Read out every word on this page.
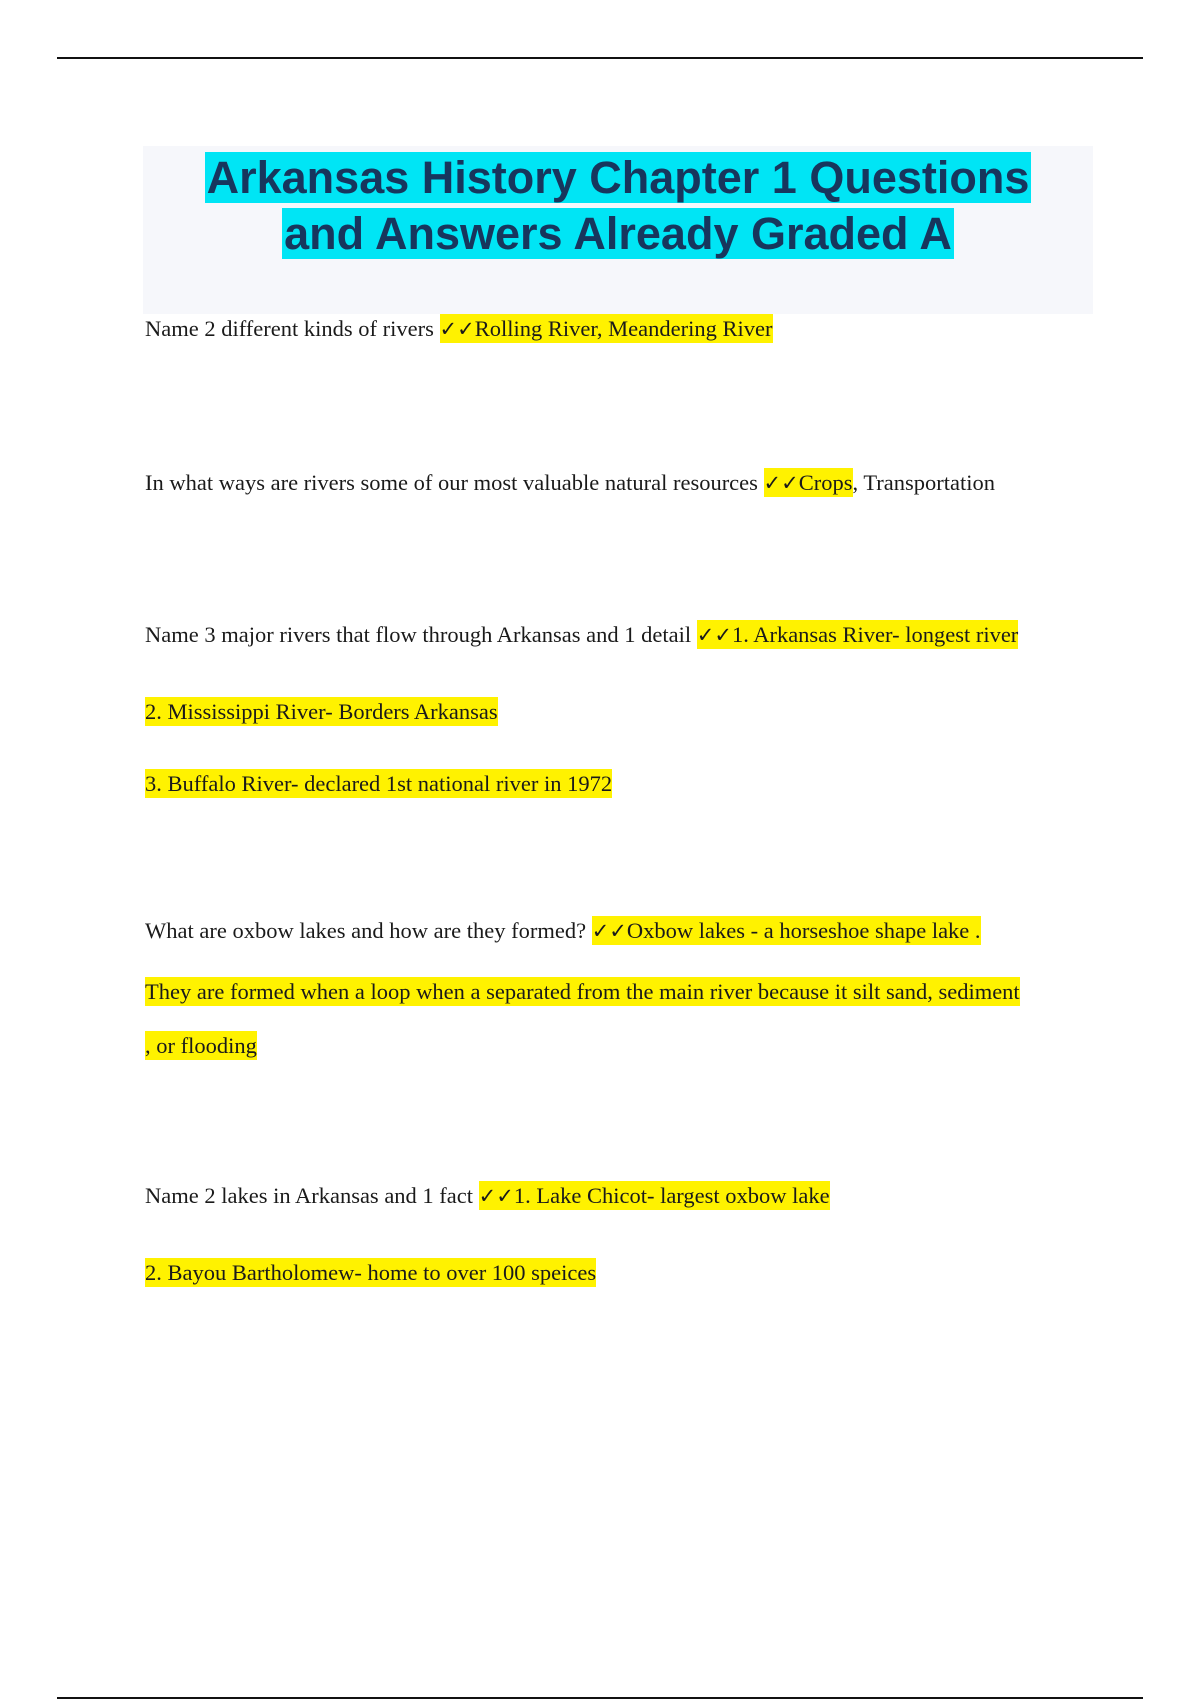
Arkansas History Chapter 1 Questions
and Answers Already Graded A
Name 2 different kinds of rivers ✓✓Rolling River, Meandering River
In what ways are rivers some of our most valuable natural resources ✓✓Crops, Transportation
Name 3 major rivers that flow through Arkansas and 1 detail ✓✓1. Arkansas River- longest river
2. Mississippi River- Borders Arkansas
3. Buffalo River- declared 1st national river in 1972
What are oxbow lakes and how are they formed? ✓✓Oxbow lakes - a horseshoe shape lake .
They are formed when a loop when a separated from the main river because it silt sand, sediment
, or flooding
Name 2 lakes in Arkansas and 1 fact ✓✓1. Lake Chicot- largest oxbow lake
2. Bayou Bartholomew- home to over 100 speices
